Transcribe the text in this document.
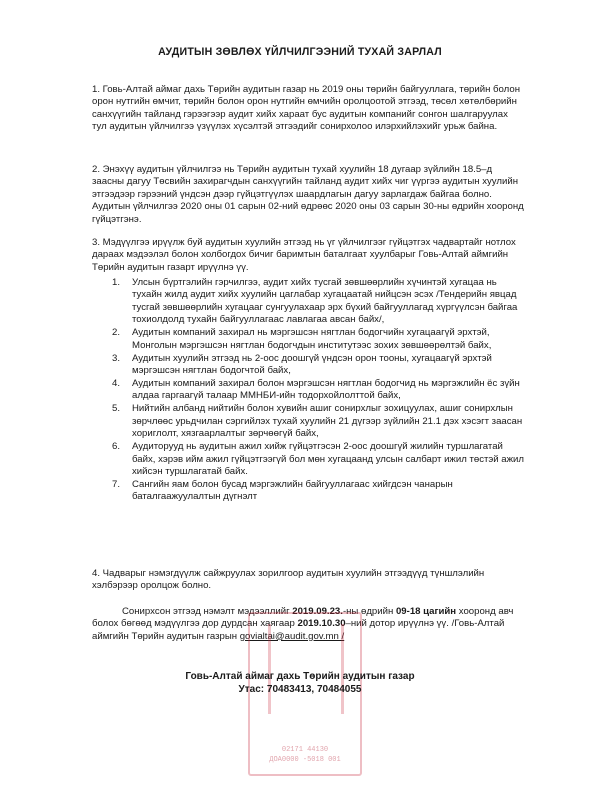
АУДИТЫН ЗӨВЛӨХ ҮЙЛЧИЛГЭЭНИЙ ТУХАЙ ЗАРЛАЛ
1. Говь-Алтай аймаг дахь Төрийн аудитын газар нь 2019 оны төрийн байгууллага, төрийн болон орон нутгийн өмчит, төрийн болон орон нутгийн өмчийн оролцоотой этгээд, төсөл хөтөлбөрийн санхүүгийн тайланд гэрээгээр аудит хийх хараат бус аудитын компанийг сонгон шалгаруулах тул аудитын үйлчилгээ үзүүлэх хүсэлтэй этгээдийг сонирхолоо илэрхийлэхийг урьж байна.
2. Энэхүү аудитын үйлчилгээ нь Төрийн аудитын тухай хуулийн 18 дугаар зүйлийн 18.5–д заасны дагуу Төсвийн захирагчдын санхүүгийн тайланд аудит хийх чиг үүргээ аудитын хуулийн этгээдээр гэрээний үндсэн дээр гүйцэтгүүлэх шаардлагын дагуу зарлагдаж байгаа болно. Аудитын үйлчилгээ 2020 оны 01 сарын 02-ний өдрөөс 2020 оны 03 сарын 30-ны өдрийн хооронд гүйцэтгэнэ.
3. Мэдүүлгээ ирүүлж буй аудитын хуулийн этгээд нь үг үйлчилгээг гүйцэтгэх чадвартайг нотлох дараах мэдээлэл болон холбогдох бичиг баримтын баталгаат хуулбарыг Говь-Алтай аймгийн Төрийн аудитын газарт ирүүлнэ үү.
1.	Улсын бүртгэлийн гэрчилгээ, аудит хийх тусгай зөвшөөрлийн хүчинтэй хугацаа нь тухайн жилд аудит хийх хуулийн цаглабар хугацаатай нийцсэн эсэх /Тендерийн явцад тусгай зөвшөөрлийн хугацааг сунгуулахаар эрх бүхий байгууллагад хүргүүлсэн байгаа тохиолдолд тухайн байгууллагаас лавлагаа авсан байх/,
2.	Аудитын компаний захирал нь мэргэшсэн нягтлан бодогчийн хугацаагүй эрхтэй, Монголын мэргэшсэн нягтлан бодогчдын институтээс зохих зөвшөөрөлтэй байх,
3.	Аудитын хуулийн этгээд нь 2-оос доошгүй үндсэн орон тооны, хугацаагүй эрхтэй мэргэшсэн нягтлан бодогчтой байх,
4.	Аудитын компаний захирал болон мэргэшсэн нягтлан бодогчид нь мэргэжлийн ёс зүйн алдаа гаргаагүй талаар ММНБИ-ийн тодорхойлолттой байх,
5.	Нийтийн албанд нийтийн болон хувийн ашиг сонирхлыг зохицуулах, ашиг сонирхлын зөрчлөөс урьдчилан сэргийлэх тухай хуулийн 21 дүгээр зүйлийн 21.1 дэх хэсэгт заасан хориглолт, хязгаарлалтыг зөрчөөгүй байх,
6.	Аудиторууд нь аудитын ажил хийж гүйцэтгэсэн 2-оос доошгүй жилийн туршлагатай байх, хэрэв ийм ажил гүйцэтгээгүй бол мөн хугацаанд улсын салбарт ижил төстэй ажил хийсэн туршлагатай байх.
7.	Сангийн яам болон бусад мэргэжлийн байгууллагаас хийгдсэн чанарын баталгаажуулалтын дүгнэлт
4. Чадварыг нэмэгдүүлж сайжруулах зорилгоор аудитын хуулийн этгээдүүд түншлэлийн хэлбэрээр оролцож болно.
Сонирхсон этгээд нэмэлт мэдээллийг 2019.09.23.-ны өдрийн 09-18 цагийн хооронд авч болох бөгөөд мэдүүлгээ дор дурдсан хаягаар 2019.10.30–ний дотор ирүүлнэ үү. /Говь-Алтай аймгийн Төрийн аудитын газрын govialtai@audit.gov.mn /
02171 44130
ДОА0000 -5018 001
Говь-Алтай аймаг дахь Төрийн аудитын газар
Утас: 70483413, 70484055
